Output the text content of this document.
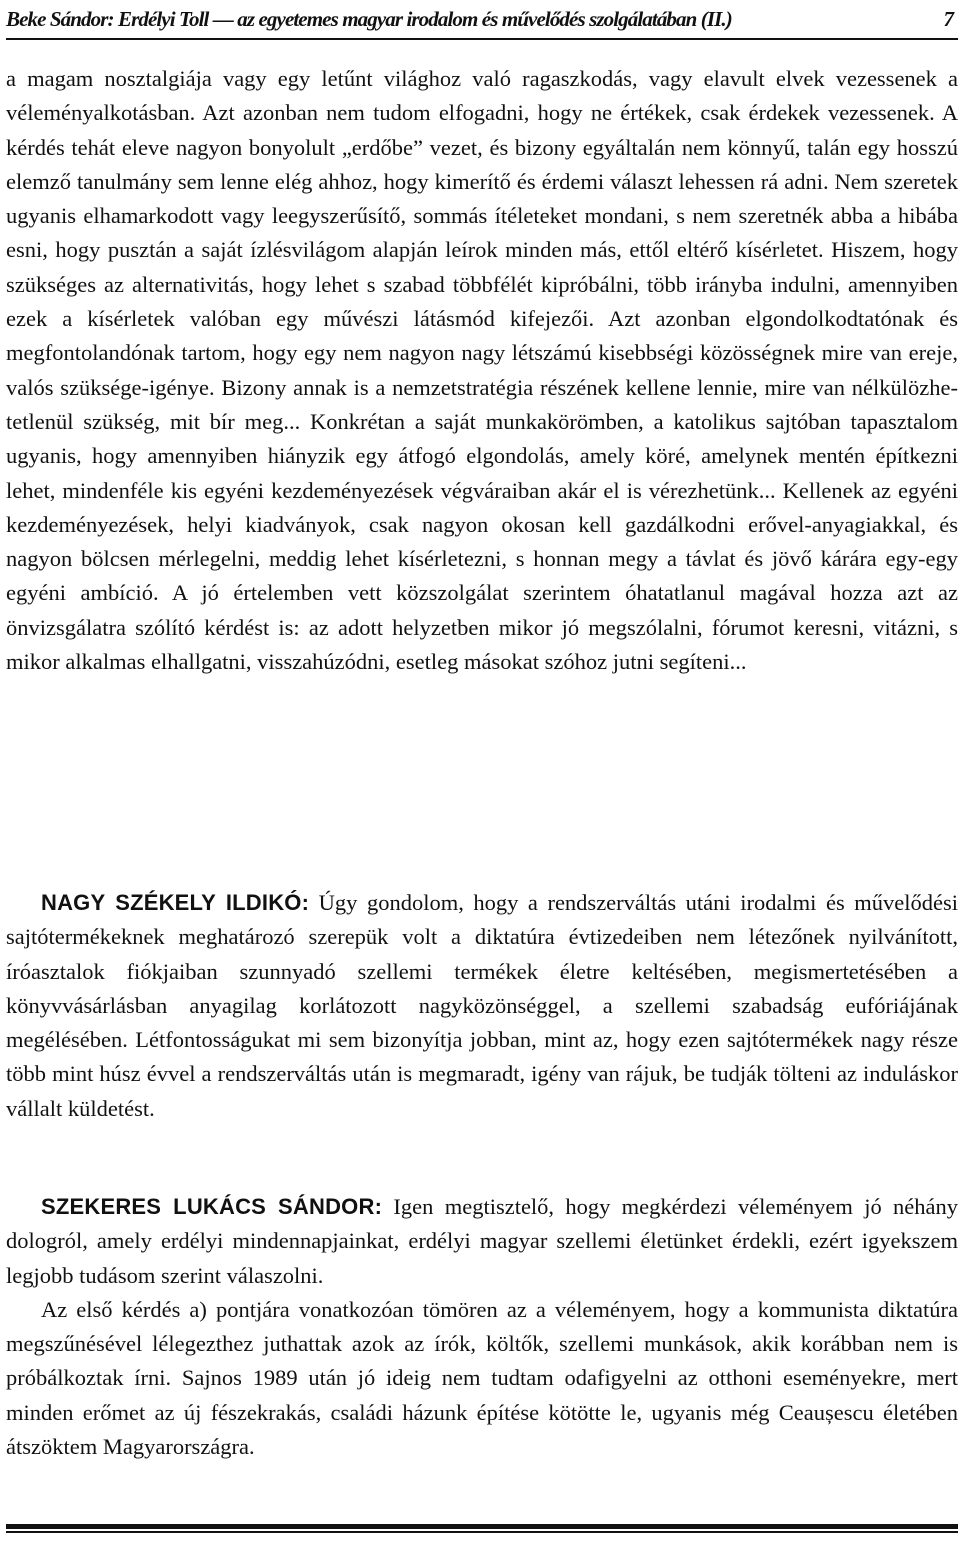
Beke Sándor: Erdélyi Toll — az egyetemes magyar irodalom és művelődés szolgálatában (II.)	7

a magam nosztalgiája vagy egy letűnt világhoz való ragaszkodás, vagy elavult elvek vezessenek a véleményalkotásban. Azt azonban nem tudom elfogadni, hogy ne értékek, csak érdekek vezessenek. A kérdés tehát eleve nagyon bonyolult „erdőbe” vezet, és bizony egyáltalán nem könnyű, talán egy hosszú elemző tanulmány sem lenne elég ahhoz, hogy kimerítő és érdemi választ lehessen rá adni. Nem szeretek ugyanis elhamarkodott vagy leegyszerűsítő, sommás ítéleteket mondani, s nem szeretnék abba a hibába esni, hogy pusztán a saját ízlésvilágom alapján leírok minden más, ettől eltérő kísérletet. Hiszem, hogy szükséges az alternativitás, hogy lehet s szabad többfélét kipróbálni, több irányba indulni, amennyiben ezek a kísérletek valóban egy művészi látásmód kifejezői. Azt azonban elgondolkodtatónak és megfontolandónak tartom, hogy egy nem nagyon nagy létszámú kisebbségi közösségnek mire van ereje, valós szüksége-igénye. Bizony annak is a nemzetstratégia részének kellene lennie, mire van nélkülözhetetlenül szükség, mit bír meg... Konkrétan a saját munkakörömben, a katolikus sajtóban tapasztalom ugyanis, hogy amennyiben hiányzik egy átfogó elgondolás, amely köré, amelynek mentén építkezni lehet, mindenféle kis egyéni kezdeményezések végváraiban akár el is vérezhetünk... Kellenek az egyéni kezdeményezések, helyi kiadványok, csak nagyon okosan kell gazdálkodni erővel-anyagiakkal, és nagyon bölcsen mérlegelni, meddig lehet kísérletezni, s honnan megy a távlat és jövő kárára egy-egy egyéni ambíció. A jó értelemben vett közszolgálat szerintem óhatatlanul magával hozza azt az önvizsgálatra szólító kérdést is: az adott helyzetben mikor jó megszólalni, fórumot keresni, vitázni, s mikor alkalmas elhallgatni, visszahúzódni, esetleg másokat szóhoz jutni segíteni...

NAGY SZÉKELY ILDIKÓ: Úgy gondolom, hogy a rendszerváltás utáni irodalmi és művelődési sajtótermékeknek meghatározó szerepük volt a diktatúra évtizedeiben nem létezőnek nyilvánított, íróasztalok fiókjaiban szunnyadó szellemi termékek életre keltésében, megismertetésében a könyvvásárlásban anyagilag korlátozott nagyközönséggel, a szellemi szabadság eufóriájának megélésében. Létfontosságukat mi sem bizonyítja jobban, mint az, hogy ezen sajtótermékek nagy része több mint húsz évvel a rendszerváltás után is megmaradt, igény van rájuk, be tudják tölteni az induláskor vállalt küldetést.

SZEKERES LUKÁCS SÁNDOR: Igen megtisztelő, hogy megkérdezi véleményem jó néhány dologról, amely erdélyi mindennapjainkat, erdélyi magyar szellemi életünket érdekli, ezért igyekszem legjobb tudásom szerint válaszolni.

Az első kérdés a) pontjára vonatkozóan tömören az a véleményem, hogy a kommunista diktatúra megszűnésével lélegezthez juthattak azok az írók, költők, szellemi munkások, akik korábban nem is próbálkoztak írni. Sajnos 1989 után jó ideig nem tudtam odafigyelni az otthoni eseményekre, mert minden erőmet az új fészekrakás, családi házunk építése kötötte le, ugyanis még Ceaușescu életében átszöktem Magyarországra.
